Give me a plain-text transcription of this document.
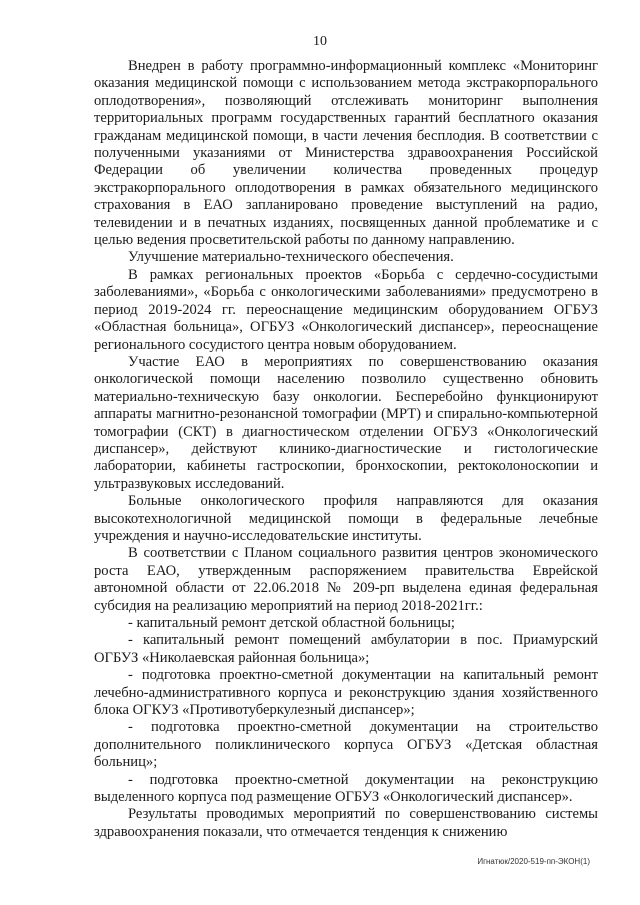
10

Внедрен в работу программно-информационный комплекс «Мониторинг оказания медицинской помощи с использованием метода экстракорпорального оплодотворения», позволяющий отслеживать мониторинг выполнения территориальных программ государственных гарантий бесплатного оказания гражданам медицинской помощи, в части лечения бесплодия. В соответствии с полученными указаниями от Министерства здравоохранения Российской Федерации об увеличении количества проведенных процедур экстракорпорального оплодотворения в рамках обязательного медицинского страхования в ЕАО запланировано проведение выступлений на радио, телевидении и в печатных изданиях, посвященных данной проблематике и с целью ведения просветительской работы по данному направлению.

Улучшение материально-технического обеспечения.

В рамках региональных проектов «Борьба с сердечно-сосудистыми заболеваниями», «Борьба с онкологическими заболеваниями» предусмотрено в период 2019-2024 гг. переоснащение медицинским оборудованием ОГБУЗ «Областная больница», ОГБУЗ «Онкологический диспансер», переоснащение регионального сосудистого центра новым оборудованием.

Участие ЕАО в мероприятиях по совершенствованию оказания онкологической помощи населению позволило существенно обновить материально-техническую базу онкологии. Бесперебойно функционируют аппараты магнитно-резонансной томографии (МРТ) и спирально-компьютерной томографии (СКТ) в диагностическом отделении ОГБУЗ «Онкологический диспансер», действуют клинико-диагностические и гистологические лаборатории, кабинеты гастроскопии, бронхоскопии, ректоколоноскопии и ультразвуковых исследований.

Больные онкологического профиля направляются для оказания высокотехнологичной медицинской помощи в федеральные лечебные учреждения и научно-исследовательские институты.

В соответствии с Планом социального развития центров экономического роста ЕАО, утвержденным распоряжением правительства Еврейской автономной области от 22.06.2018 № 209-рп выделена единая федеральная субсидия на реализацию мероприятий на период 2018-2021гг.:

- капитальный ремонт детской областной больницы;

- капитальный ремонт помещений амбулатории в пос. Приамурский ОГБУЗ «Николаевская районная больница»;

- подготовка проектно-сметной документации на капитальный ремонт лечебно-административного корпуса и реконструкцию здания хозяйственного блока ОГКУЗ «Противотуберкулезный диспансер»;

- подготовка проектно-сметной документации на строительство дополнительного поликлинического корпуса ОГБУЗ «Детская областная больниц»;

- подготовка проектно-сметной документации на реконструкцию выделенного корпуса под размещение ОГБУЗ «Онкологический диспансер».

Результаты проводимых мероприятий по совершенствованию системы здравоохранения показали, что отмечается тенденция к снижению

Игнатюк/2020-519-пп-ЭКОН(1)
